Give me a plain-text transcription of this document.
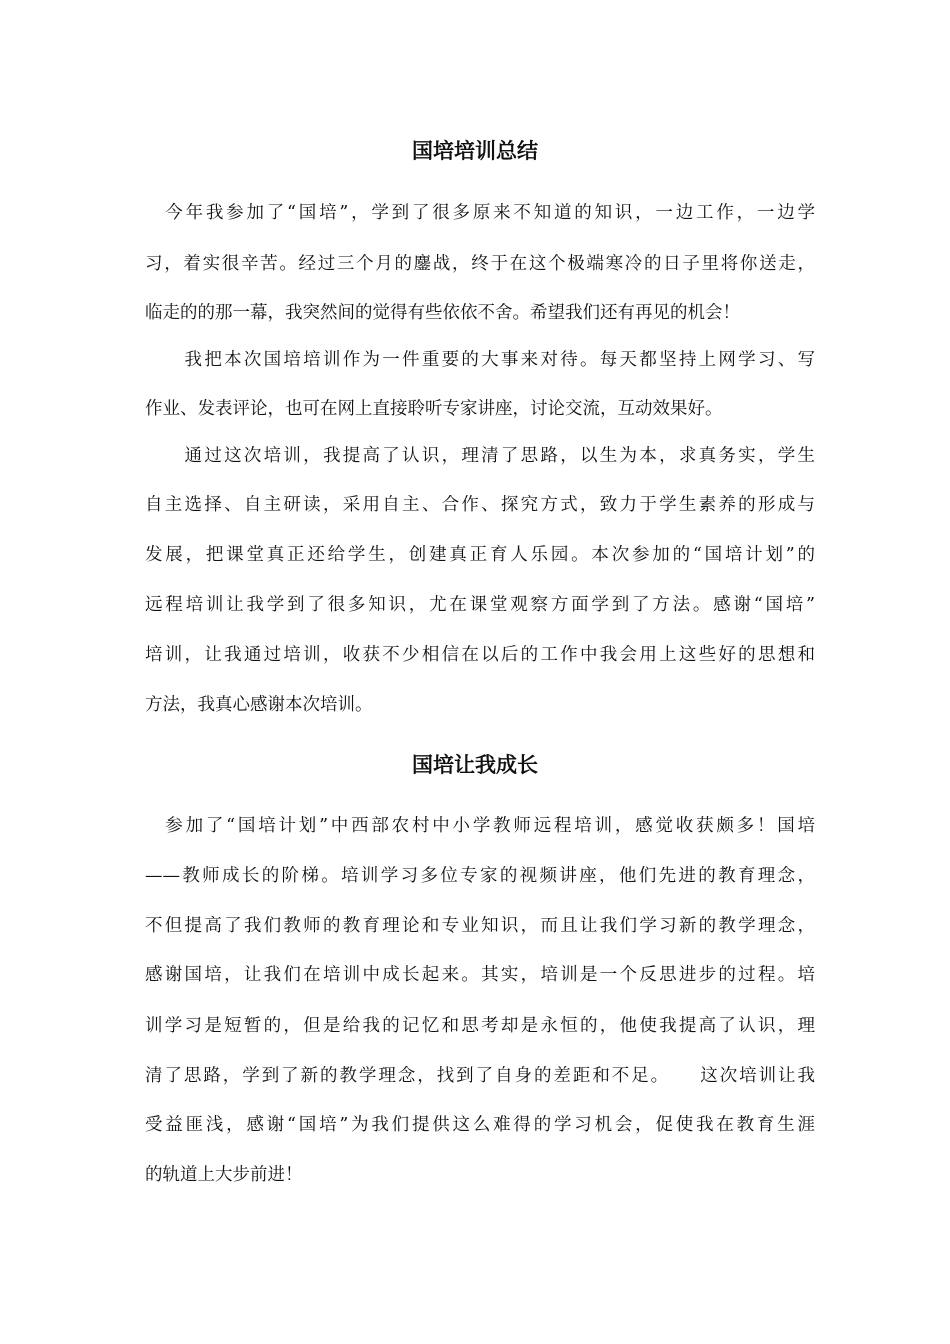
国培培训总结

　今年我参加了“国培”，学到了很多原来不知道的知识，一边工作，一边学

习，着实很辛苦。经过三个月的鏖战，终于在这个极端寒冷的日子里将你送走，

临走的的那一幕，我突然间的觉得有些依依不舍。希望我们还有再见的机会！

　　我把本次国培培训作为一件重要的大事来对待。每天都坚持上网学习、写

作业、发表评论，也可在网上直接聆听专家讲座，讨论交流，互动效果好。

　　通过这次培训，我提高了认识，理清了思路，以生为本，求真务实，学生

自主选择、自主研读，采用自主、合作、探究方式，致力于学生素养的形成与

发展，把课堂真正还给学生，创建真正育人乐园。本次参加的“国培计划”的

远程培训让我学到了很多知识，尤在课堂观察方面学到了方法。感谢“国培”

培训，让我通过培训，收获不少相信在以后的工作中我会用上这些好的思想和

方法，我真心感谢本次培训。

国培让我成长

　参加了“国培计划”中西部农村中小学教师远程培训，感觉收获颇多！国培

——教师成长的阶梯。培训学习多位专家的视频讲座，他们先进的教育理念，

不但提高了我们教师的教育理论和专业知识，而且让我们学习新的教学理念，

感谢国培，让我们在培训中成长起来。其实，培训是一个反思进步的过程。培

训学习是短暂的，但是给我的记忆和思考却是永恒的，他使我提高了认识，理

清了思路，学到了新的教学理念，找到了自身的差距和不足。　　这次培训让我

受益匪浅，感谢“国培”为我们提供这么难得的学习机会，促使我在教育生涯

的轨道上大步前进！
